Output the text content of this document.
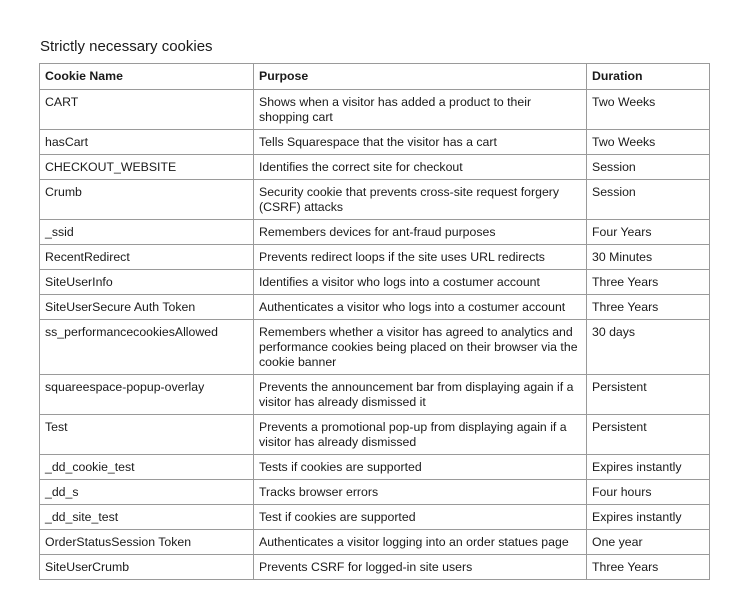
Strictly necessary cookies
Cookie Name	Purpose	Duration
CART	Shows when a visitor has added a product to their shopping cart	Two Weeks
hasCart	Tells Squarespace that the visitor has a cart	Two Weeks
CHECKOUT_WEBSITE	Identifies the correct site for checkout	Session
Crumb	Security cookie that prevents cross-site request forgery (CSRF) attacks	Session
_ssid	Remembers devices for ant-fraud purposes	Four Years
RecentRedirect	Prevents redirect loops if the site uses URL redirects	30 Minutes
SiteUserInfo	Identifies a visitor who logs into a costumer account	Three Years
SiteUserSecure Auth Token	Authenticates a visitor who logs into a costumer account	Three Years
ss_performancecookiesAllowed	Remembers whether a visitor has agreed to analytics and performance cookies being placed on their browser via the cookie banner	30 days
squareespace-popup-overlay	Prevents the announcement bar from displaying again if a visitor has already dismissed it	Persistent
Test	Prevents a promotional pop-up from displaying again if a visitor has already dismissed	Persistent
_dd_cookie_test	Tests if cookies are supported	Expires instantly
_dd_s	Tracks browser errors	Four hours
_dd_site_test	Test if cookies are supported	Expires instantly
OrderStatusSession Token	Authenticates a visitor logging into an order statues page	One year
SiteUserCrumb	Prevents CSRF for logged-in site users	Three Years
